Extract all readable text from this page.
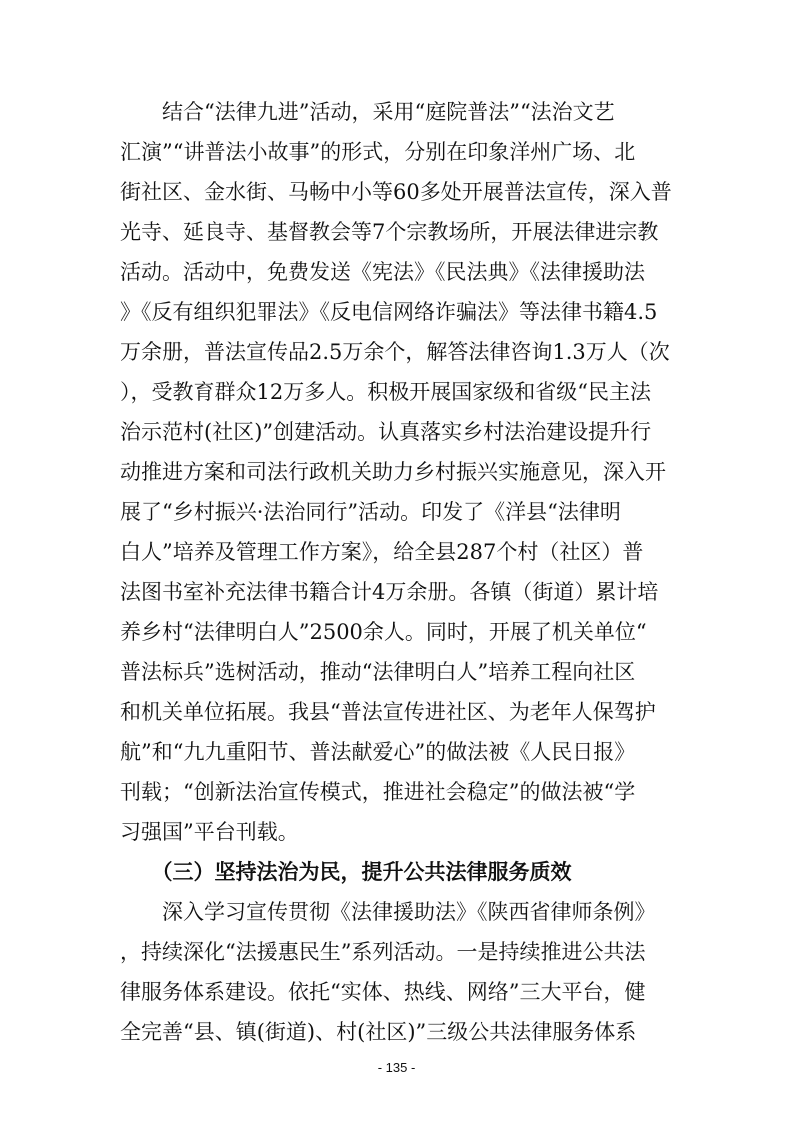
　　结合“法律九进”活动，采用“庭院普法”“法治文艺
汇演”“讲普法小故事”的形式，分别在印象洋州广场、北
街社区、金水街、马畅中小等60多处开展普法宣传，深入普
光寺、延良寺、基督教会等7个宗教场所，开展法律进宗教
活动。活动中，免费发送《宪法》《民法典》《法律援助法
》《反有组织犯罪法》《反电信网络诈骗法》等法律书籍4.5
万余册，普法宣传品2.5万余个，解答法律咨询1.3万人（次
），受教育群众12万多人。积极开展国家级和省级“民主法
治示范村(社区)”创建活动。认真落实乡村法治建设提升行
动推进方案和司法行政机关助力乡村振兴实施意见，深入开
展了“乡村振兴·法治同行”活动。印发了《洋县“法律明
白人”培养及管理工作方案》，给全县287个村（社区）普
法图书室补充法律书籍合计4万余册。各镇（街道）累计培
养乡村“法律明白人”2500余人。同时，开展了机关单位“
普法标兵”选树活动，推动“法律明白人”培养工程向社区
和机关单位拓展。我县“普法宣传进社区、为老年人保驾护
航”和“九九重阳节、普法献爱心”的做法被《人民日报》
刊载；“创新法治宣传模式，推进社会稳定”的做法被“学
习强国”平台刊载。
　　（三）坚持法治为民，提升公共法律服务质效
　　深入学习宣传贯彻《法律援助法》《陕西省律师条例》
，持续深化“法援惠民生”系列活动。一是持续推进公共法
律服务体系建设。依托“实体、热线、网络”三大平台，健
全完善“县、镇(街道)、村(社区)”三级公共法律服务体系
- 135 -
